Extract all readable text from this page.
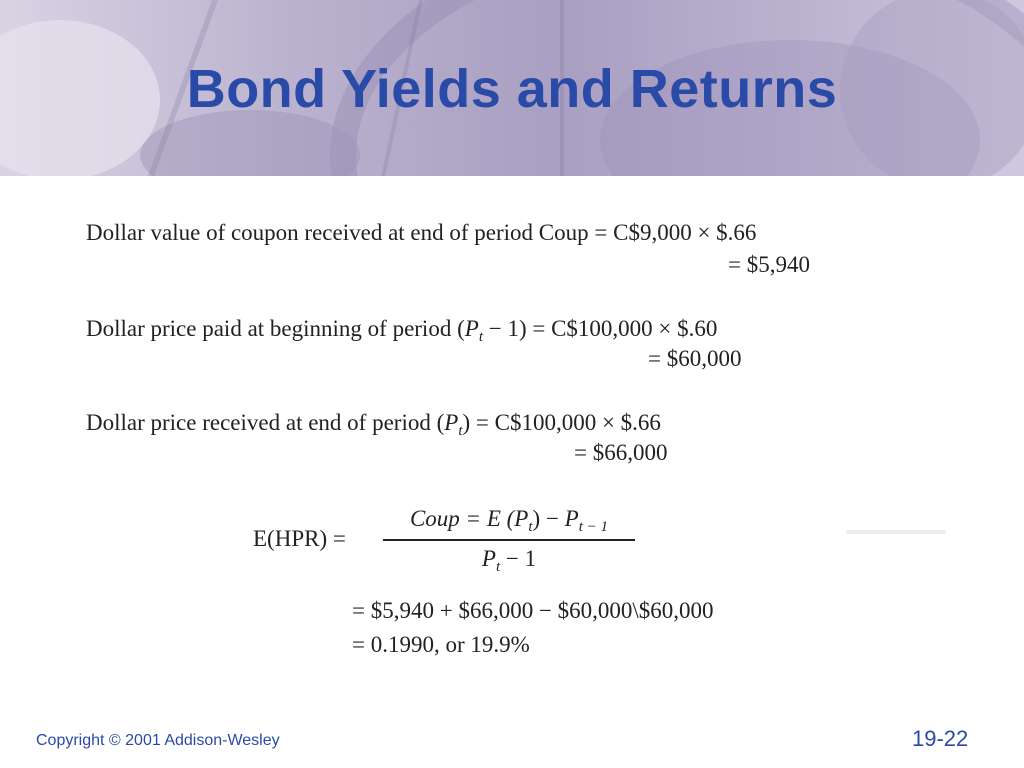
Bond Yields and Returns
Dollar value of coupon received at end of period Coup = C$9,000 × $.66
= $5,940
Dollar price paid at beginning of period $(P_t - 1)$ = C$100,000 × $.60
= $60,000
Dollar price received at end of period $(P_t)$ = C$100,000 × $.66
= $66,000
E(HPR) =
Coup = E $(P_t) - P_{t - 1}$
$P_t - 1$
= $5,940 + $66,000 − $60,000\$60,000
= 0.1990, or 19.9%
Copyright © 2001 Addison-Wesley	19-22
